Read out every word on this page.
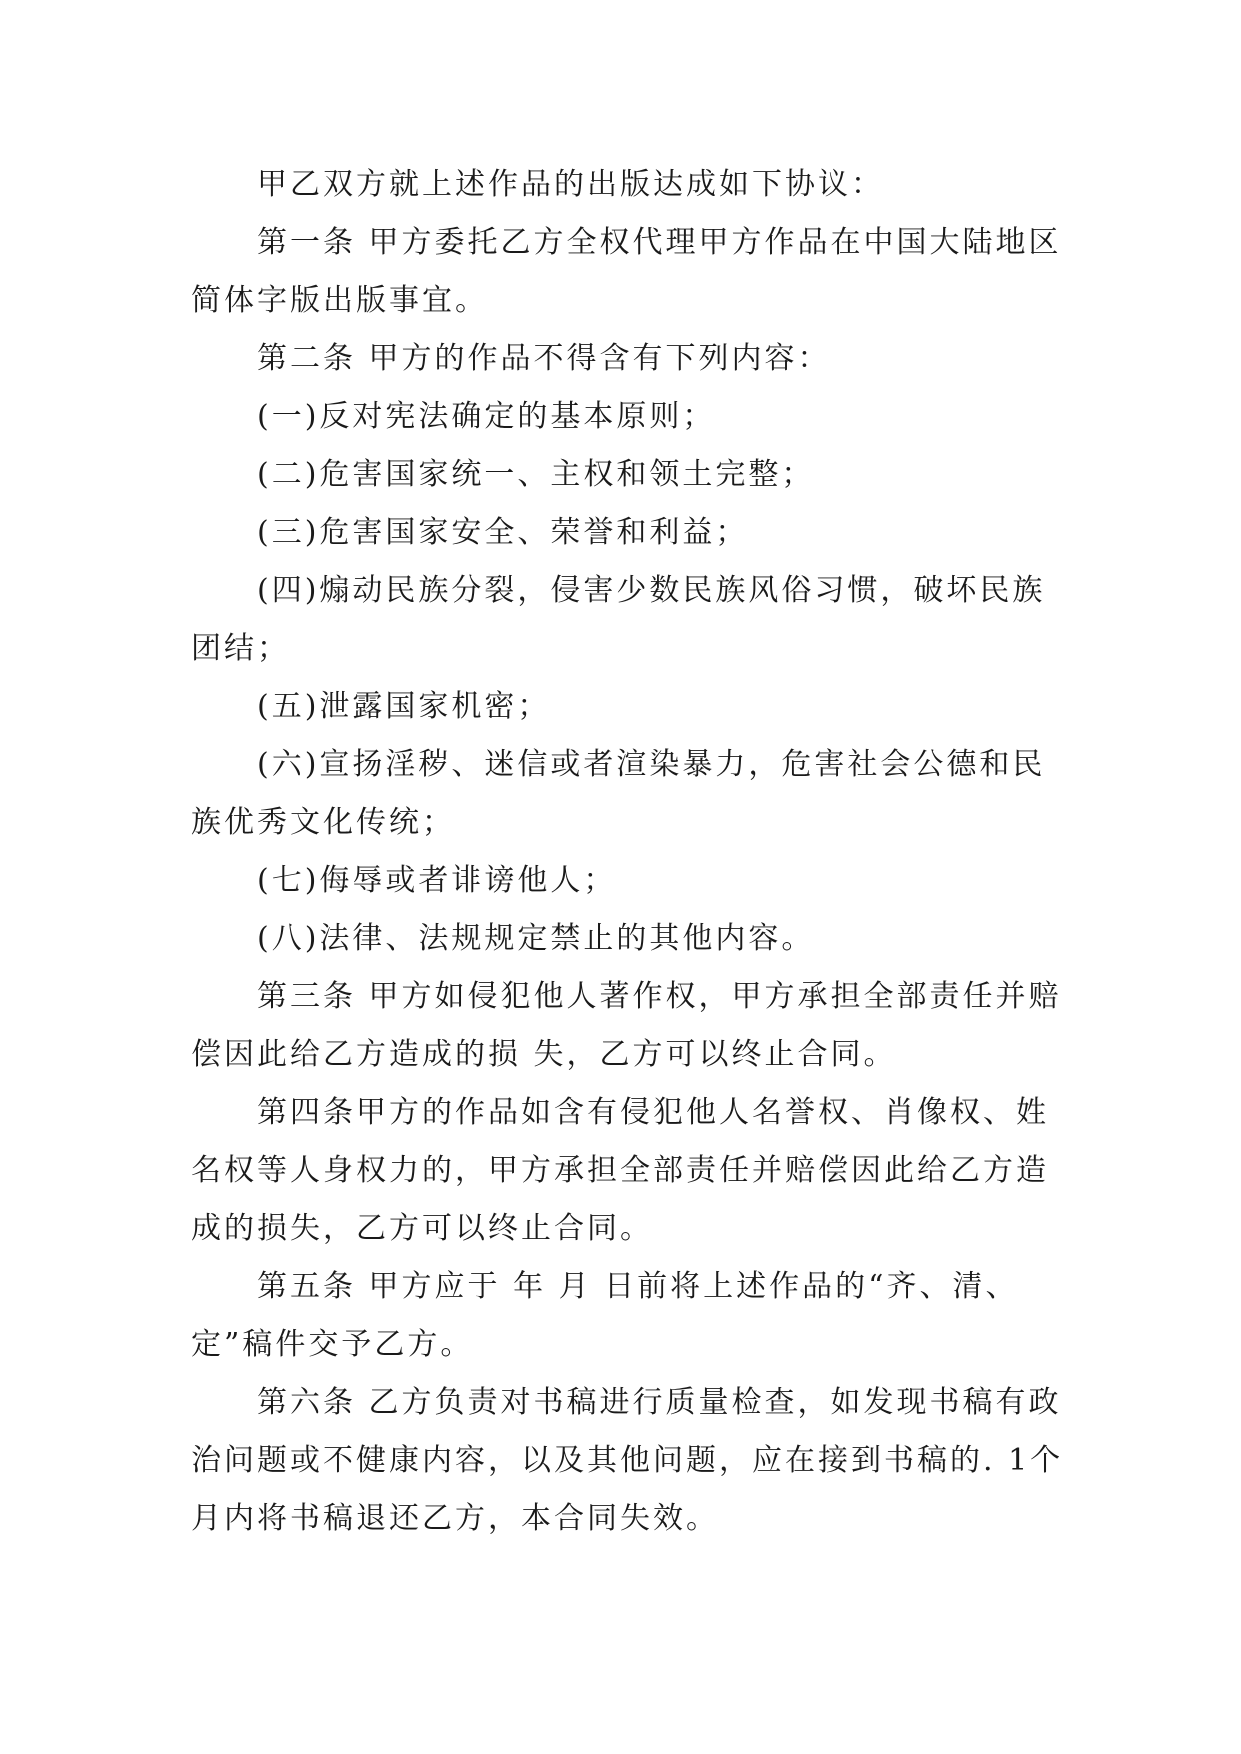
甲乙双方就上述作品的出版达成如下协议：

第一条 甲方委托乙方全权代理甲方作品在中国大陆地区简体字版出版事宜。

第二条 甲方的作品不得含有下列内容：

(一)反对宪法确定的基本原则；

(二)危害国家统一、主权和领土完整；

(三)危害国家安全、荣誉和利益；

(四)煽动民族分裂，侵害少数民族风俗习惯，破坏民族团结；

(五)泄露国家机密；

(六)宣扬淫秽、迷信或者渲染暴力，危害社会公德和民族优秀文化传统；

(七)侮辱或者诽谤他人；

(八)法律、法规规定禁止的其他内容。

第三条 甲方如侵犯他人著作权，甲方承担全部责任并赔偿因此给乙方造成的损 失，乙方可以终止合同。

第四条甲方的作品如含有侵犯他人名誉权、肖像权、姓名权等人身权力的，甲方承担全部责任并赔偿因此给乙方造成的损失，乙方可以终止合同。

第五条 甲方应于 年 月 日前将上述作品的“齐、清、定”稿件交予乙方。

第六条 乙方负责对书稿进行质量检查，如发现书稿有政治问题或不健康内容，以及其他问题，应在接到书稿的. 1个月内将书稿退还乙方，本合同失效。
